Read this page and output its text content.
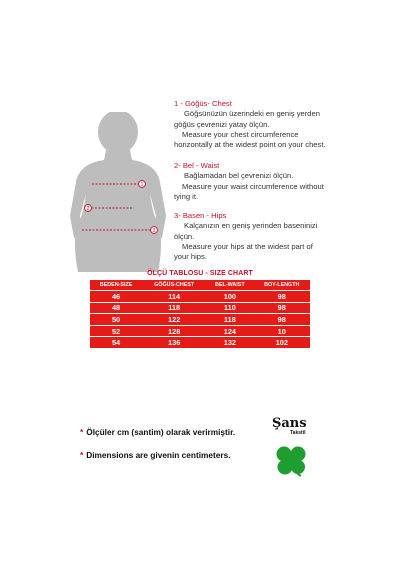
1
2
3
1 - Göğüs- Chest
Göğsünüzün üzerindeki en geniş yerden
göğüs çevrenizi yatay ölçün.
Measure your chest circumference
horizontally at the widest point on your chest.
2- Bel - Waist
Bağlamadan bel çevrenizi ölçün.
Measure your waist circumference without
tying it.
3- Basen - Hips
Kalçanızın en geniş yerinden baseninizi
ölçün.
Measure your hips at the widest part of
your hips.
ÖLÇÜ TABLOSU - SIZE CHART
BEDEN-SIZE	GÖĞÜS-CHEST	BEL-WAIST	BOY-LENGTH
46	114	100	98
48	118	110	98
50	122	118	98
52	128	124	10
54	136	132	102
* Ölçüler cm (santim) olarak verirmiştir.
* Dimensions are givenin centimeters.
Şans
Takstil
